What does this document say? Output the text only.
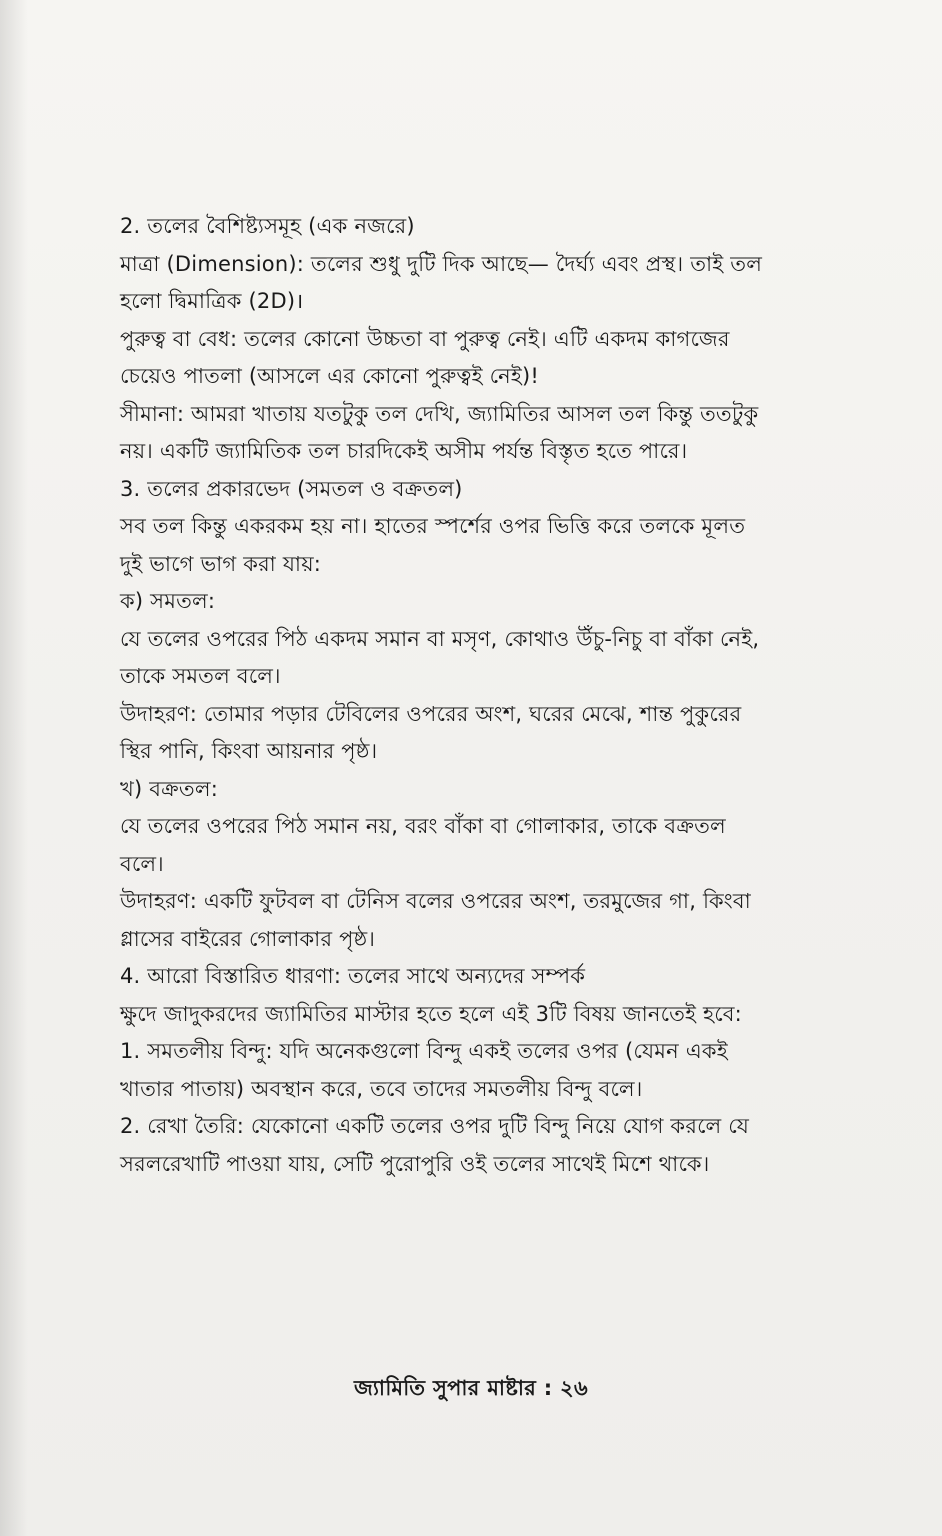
2. তলের বৈশিষ্ট্যসমূহ (এক নজরে)
মাত্রা (Dimension): তলের শুধু দুটি দিক আছে— দৈর্ঘ্য এবং প্রস্থ। তাই তল
হলো দ্বিমাত্রিক (2D)।
পুরুত্ব বা বেধ: তলের কোনো উচ্চতা বা পুরুত্ব নেই। এটি একদম কাগজের
চেয়েও পাতলা (আসলে এর কোনো পুরুত্বই নেই)!
সীমানা: আমরা খাতায় যতটুকু তল দেখি, জ্যামিতির আসল তল কিন্তু ততটুকু
নয়। একটি জ্যামিতিক তল চারদিকেই অসীম পর্যন্ত বিস্তৃত হতে পারে।
3. তলের প্রকারভেদ (সমতল ও বক্রতল)
সব তল কিন্তু একরকম হয় না। হাতের স্পর্শের ওপর ভিত্তি করে তলকে মূলত
দুই ভাগে ভাগ করা যায়:
ক) সমতল:
যে তলের ওপরের পিঠ একদম সমান বা মসৃণ, কোথাও উঁচু-নিচু বা বাঁকা নেই,
তাকে সমতল বলে।
উদাহরণ: তোমার পড়ার টেবিলের ওপরের অংশ, ঘরের মেঝে, শান্ত পুকুরের
স্থির পানি, কিংবা আয়নার পৃষ্ঠ।
খ) বক্রতল:
যে তলের ওপরের পিঠ সমান নয়, বরং বাঁকা বা গোলাকার, তাকে বক্রতল
বলে।
উদাহরণ: একটি ফুটবল বা টেনিস বলের ওপরের অংশ, তরমুজের গা, কিংবা
গ্লাসের বাইরের গোলাকার পৃষ্ঠ।
4. আরো বিস্তারিত ধারণা: তলের সাথে অন্যদের সম্পর্ক
ক্ষুদে জাদুকরদের জ্যামিতির মাস্টার হতে হলে এই 3টি বিষয় জানতেই হবে:
1. সমতলীয় বিন্দু: যদি অনেকগুলো বিন্দু একই তলের ওপর (যেমন একই
খাতার পাতায়) অবস্থান করে, তবে তাদের সমতলীয় বিন্দু বলে।
2. রেখা তৈরি: যেকোনো একটি তলের ওপর দুটি বিন্দু নিয়ে যোগ করলে যে
সরলরেখাটি পাওয়া যায়, সেটি পুরোপুরি ওই তলের সাথেই মিশে থাকে।
জ্যামিতি সুপার মাষ্টার : ২৬
